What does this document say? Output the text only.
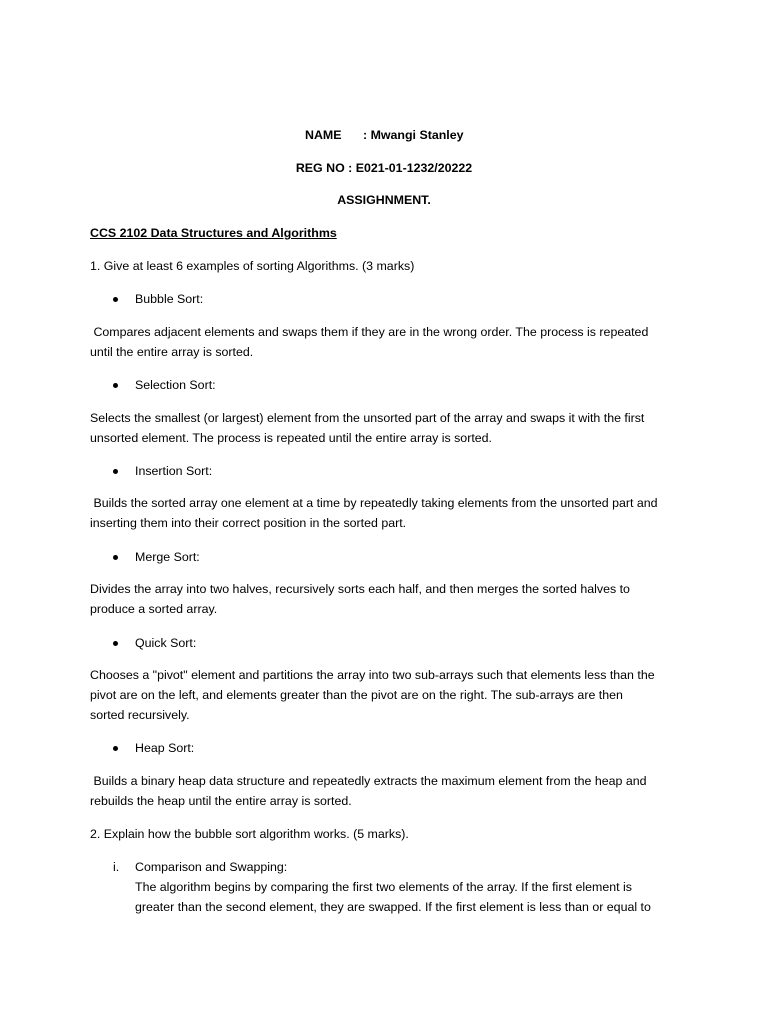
NAME : Mwangi Stanley
REG NO : E021-01-1232/20222
ASSIGHNMENT.
CCS 2102 Data Structures and Algorithms
1. Give at least 6 examples of sorting Algorithms. (3 marks)
Bubble Sort:
Compares adjacent elements and swaps them if they are in the wrong order. The process is repeated
until the entire array is sorted.
Selection Sort:
Selects the smallest (or largest) element from the unsorted part of the array and swaps it with the first
unsorted element. The process is repeated until the entire array is sorted.
Insertion Sort:
Builds the sorted array one element at a time by repeatedly taking elements from the unsorted part and
inserting them into their correct position in the sorted part.
Merge Sort:
Divides the array into two halves, recursively sorts each half, and then merges the sorted halves to
produce a sorted array.
Quick Sort:
Chooses a "pivot" element and partitions the array into two sub-arrays such that elements less than the
pivot are on the left, and elements greater than the pivot are on the right. The sub-arrays are then
sorted recursively.
Heap Sort:
Builds a binary heap data structure and repeatedly extracts the maximum element from the heap and
rebuilds the heap until the entire array is sorted.
2. Explain how the bubble sort algorithm works. (5 marks).
i. Comparison and Swapping:
The algorithm begins by comparing the first two elements of the array. If the first element is
greater than the second element, they are swapped. If the first element is less than or equal to
